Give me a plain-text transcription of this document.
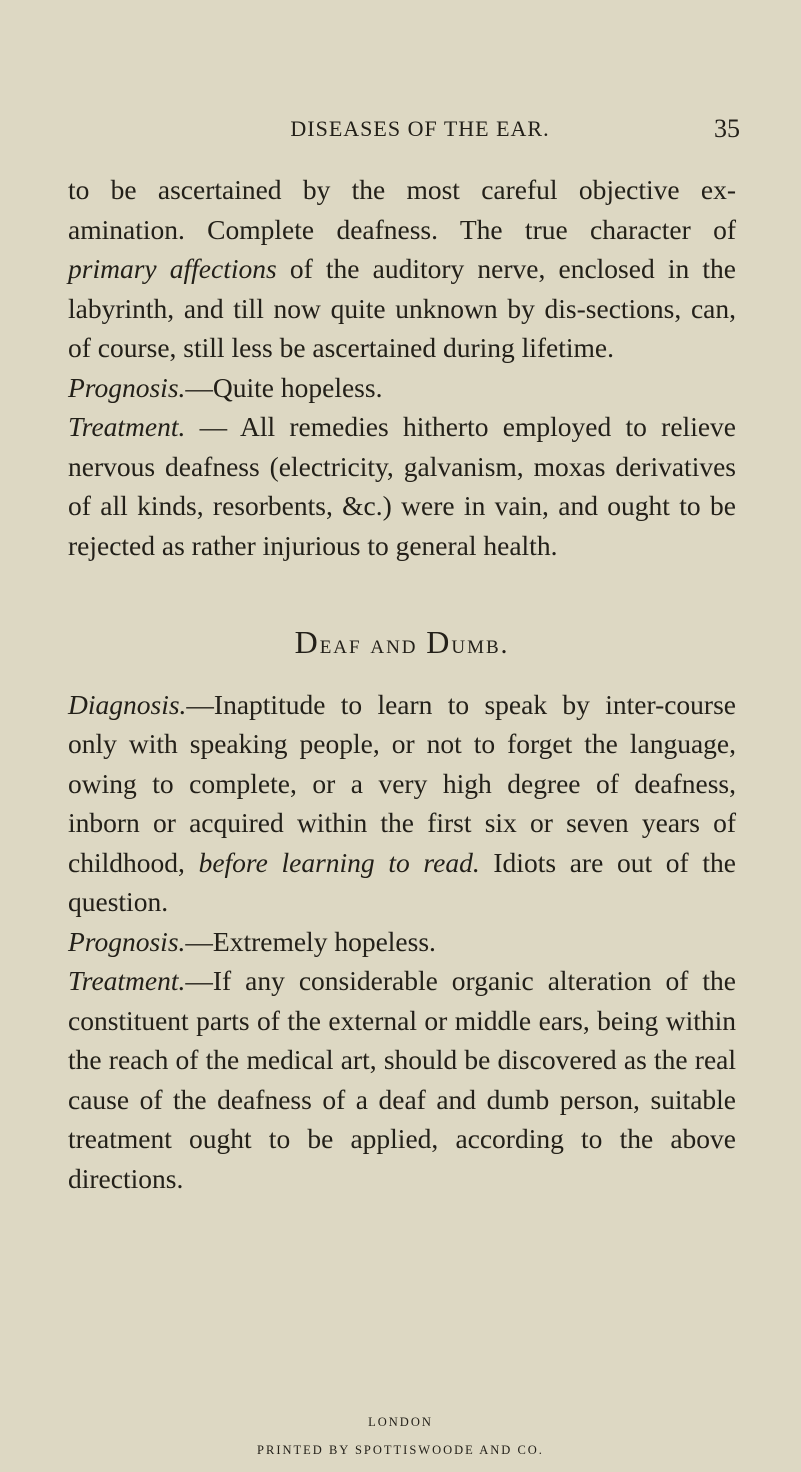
DISEASES OF THE EAR.	35

to be ascertained by the most careful objective ex-amination. Complete deafness. The true character of primary affections of the auditory nerve, enclosed in the labyrinth, and till now quite unknown by dis-sections, can, of course, still less be ascertained during lifetime.

Prognosis.—Quite hopeless.

Treatment. — All remedies hitherto employed to relieve nervous deafness (electricity, galvanism, moxas derivatives of all kinds, resorbents, &c.) were in vain, and ought to be rejected as rather injurious to general health.

Deaf and Dumb.

Diagnosis.—Inaptitude to learn to speak by inter-course only with speaking people, or not to forget the language, owing to complete, or a very high degree of deafness, inborn or acquired within the first six or seven years of childhood, before learning to read. Idiots are out of the question.

Prognosis.—Extremely hopeless.

Treatment.—If any considerable organic alteration of the constituent parts of the external or middle ears, being within the reach of the medical art, should be discovered as the real cause of the deafness of a deaf and dumb person, suitable treatment ought to be applied, according to the above directions.

LONDON
PRINTED BY SPOTTISWOODE AND CO.
